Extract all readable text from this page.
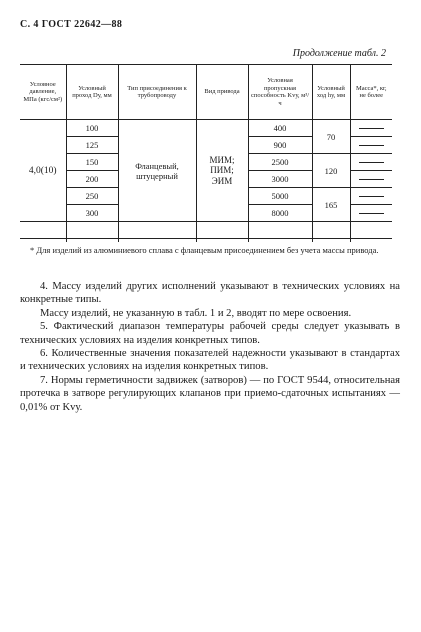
С. 4 ГОСТ 22642—88
Продолжение табл. 2
Условное давление, МПа (кгс/см²)	Условный проход Dу, мм	Тип присоединения к трубопроводу	Вид привода	Условная пропускная способность Kvу, м³/ч	Условный ход hу, мм	Масса*, кг, не более
4,0(10)	100	Фланцевый, штуцерный	МИМ; ПИМ; ЭИМ	400	70	

	125			900		

	150			2500	120	

	200			3000		

	250			5000	165	

	300			8000		

* Для изделий из алюминиевого сплава с фланцевым присоединением без учета массы привода.

4. Массу изделий других исполнений указывают в технических условиях на конкретные типы.

Массу изделий, не указанную в табл. 1 и 2, вводят по мере освоения.

5. Фактический диапазон температуры рабочей среды следует указывать в технических условиях на изделия конкретных типов.

6. Количественные значения показателей надежности указывают в стандартах и технических условиях на изделия конкретных типов.

7. Нормы герметичности задвижек (затворов) — по ГОСТ 9544, относительная протечка в затворе регулирующих клапанов при приемо-сдаточных испытаниях — 0,01% от Kvу.
